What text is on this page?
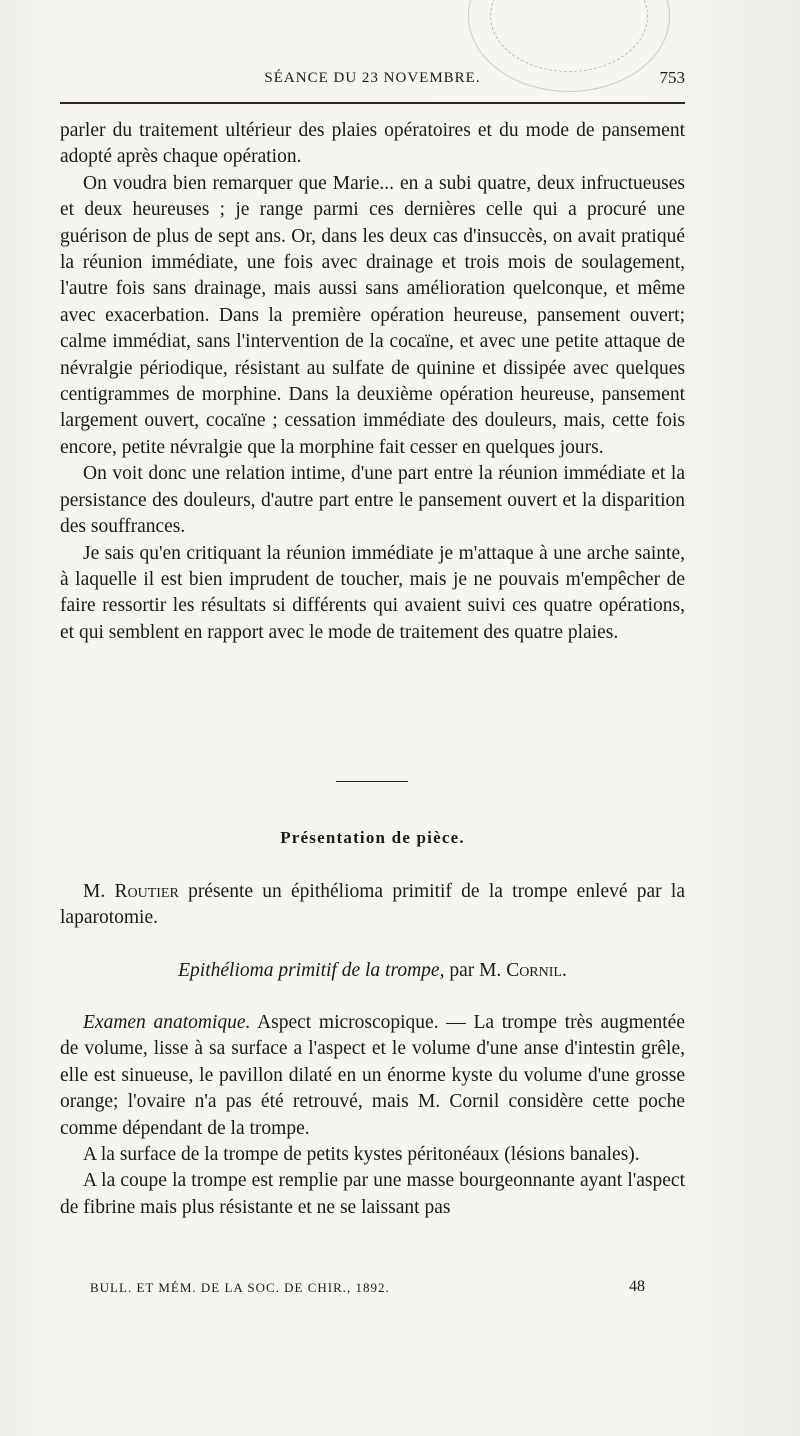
SÉANCE DU 23 NOVEMBRE.	753

parler du traitement ultérieur des plaies opératoires et du mode de pansement adopté après chaque opération.

On voudra bien remarquer que Marie... en a subi quatre, deux infructueuses et deux heureuses ; je range parmi ces dernières celle qui a procuré une guérison de plus de sept ans. Or, dans les deux cas d'insuccès, on avait pratiqué la réunion immédiate, une fois avec drainage et trois mois de soulagement, l'autre fois sans drainage, mais aussi sans amélioration quelconque, et même avec exacerbation. Dans la première opération heureuse, pansement ouvert; calme immédiat, sans l'intervention de la cocaïne, et avec une petite attaque de névralgie périodique, résistant au sulfate de quinine et dissipée avec quelques centigrammes de morphine. Dans la deuxième opération heureuse, pansement largement ouvert, cocaïne ; cessation immédiate des douleurs, mais, cette fois encore, petite névralgie que la morphine fait cesser en quelques jours.

On voit donc une relation intime, d'une part entre la réunion immédiate et la persistance des douleurs, d'autre part entre le pansement ouvert et la disparition des souffrances.

Je sais qu'en critiquant la réunion immédiate je m'attaque à une arche sainte, à laquelle il est bien imprudent de toucher, mais je ne pouvais m'empêcher de faire ressortir les résultats si différents qui avaient suivi ces quatre opérations, et qui semblent en rapport avec le mode de traitement des quatre plaies.

Présentation de pièce.

M. Routier présente un épithélioma primitif de la trompe enlevé par la laparotomie.

Epithélioma primitif de la trompe, par M. Cornil.

Examen anatomique. Aspect microscopique. — La trompe très augmentée de volume, lisse à sa surface a l'aspect et le volume d'une anse d'intestin grêle, elle est sinueuse, le pavillon dilaté en un énorme kyste du volume d'une grosse orange; l'ovaire n'a pas été retrouvé, mais M. Cornil considère cette poche comme dépendant de la trompe.

A la surface de la trompe de petits kystes péritonéaux (lésions banales).

A la coupe la trompe est remplie par une masse bourgeonnante ayant l'aspect de fibrine mais plus résistante et ne se laissant pas

BULL. ET MÉM. DE LA SOC. DE CHIR., 1892.	48
